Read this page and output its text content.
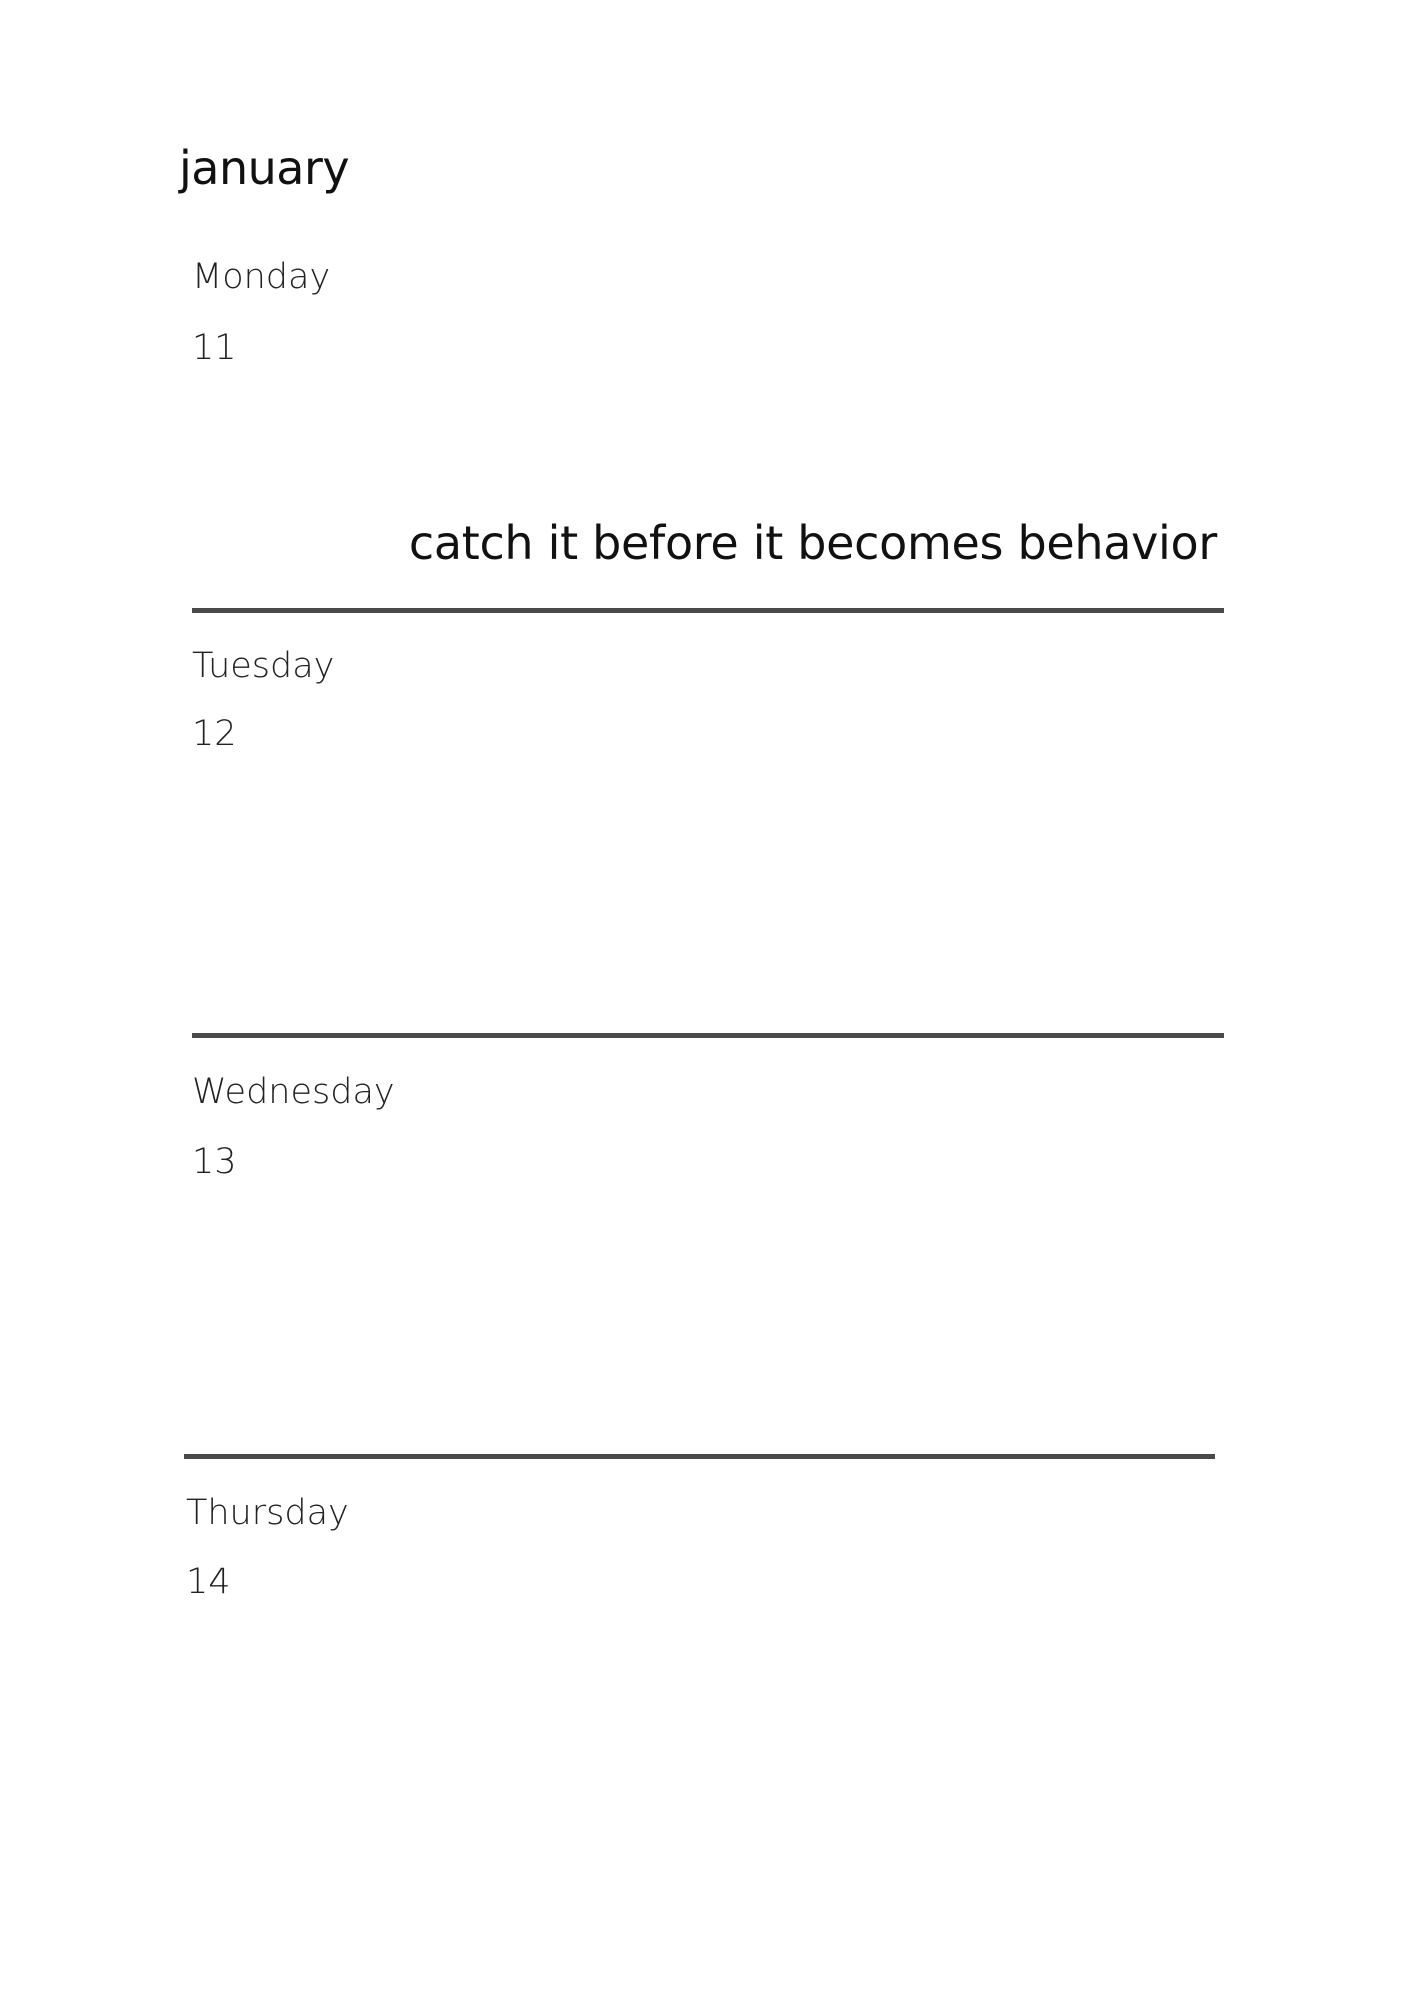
january
Monday
11
catch it before it becomes behavior
Tuesday
12
Wednesday
13
Thursday
14
